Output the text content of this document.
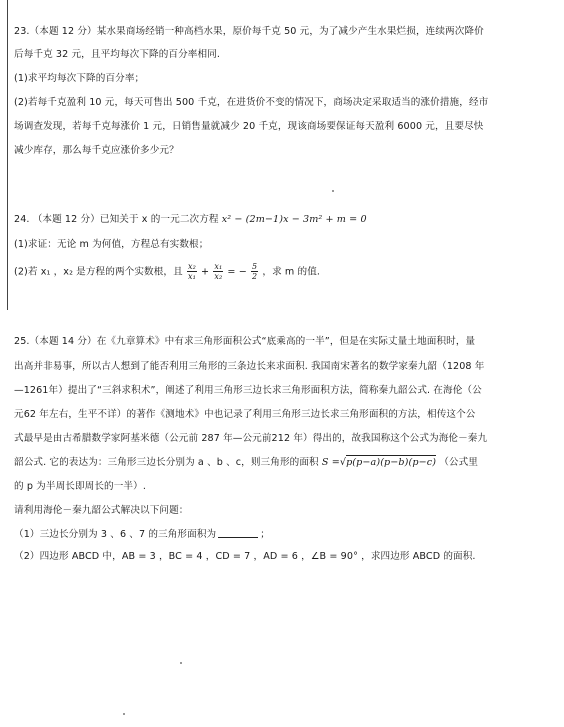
23.（本题 12 分）某水果商场经销一种高档水果，原价每千克 50 元，为了减少产生水果烂损，连续两次降价
后每千克 32 元，且平均每次下降的百分率相同.
(1)求平均每次下降的百分率；
(2)若每千克盈利 10 元，每天可售出 500 千克，在进货价不变的情况下，商场决定采取适当的涨价措施，经市
场调查发现，若每千克每涨价 1 元，日销售量就减少 20 千克，现该商场要保证每天盈利 6000 元，且要尽快
减少库存，那么每千克应涨价多少元？
24. （本题 12 分）已知关于 x 的一元二次方程 x² − (2m−1)x − 3m² + m = 0
(1)求证：无论 m 为何值，方程总有实数根；
(2)若 x₁ ，x₂ 是方程的两个实数根，且 $\frac{\text{x₂}}{\text{x₁}} + \frac{\text{x₁}}{\text{x₂}}$ = − $\frac{5}{2}$ ，求 m 的值.
25.（本题 14 分）在《九章算术》中有求三角形面积公式“底乘高的一半”，但是在实际丈量土地面积时，量
出高并非易事，所以古人想到了能否利用三角形的三条边长来求面积. 我国南宋著名的数学家秦九韶（1208 年
—1261年）提出了“三斜求积术”，阐述了利用三角形三边长求三角形面积方法，简称秦九韶公式. 在海伦（公
元62 年左右，生平不详）的著作《测地术》中也记录了利用三角形三边长求三角形面积的方法，相传这个公
式最早是由古希腊数学家阿基米德（公元前 287 年—公元前212 年）得出的，故我国称这个公式为海伦－秦九
韶公式. 它的表达为：三角形三边长分别为 a 、b 、c，则三角形的面积 S =√p(p−a)(p−b)(p−c) （公式里
的 p 为半周长即周长的一半）.
请利用海伦－秦九韶公式解决以下问题：
（1）三边长分别为 3 、6 、7 的三角形面积为	；
（2）四边形 ABCD 中，AB = 3 ，BC = 4 ，CD = 7 ，AD = 6 ，∠B = 90° ，求四边形 ABCD 的面积.
